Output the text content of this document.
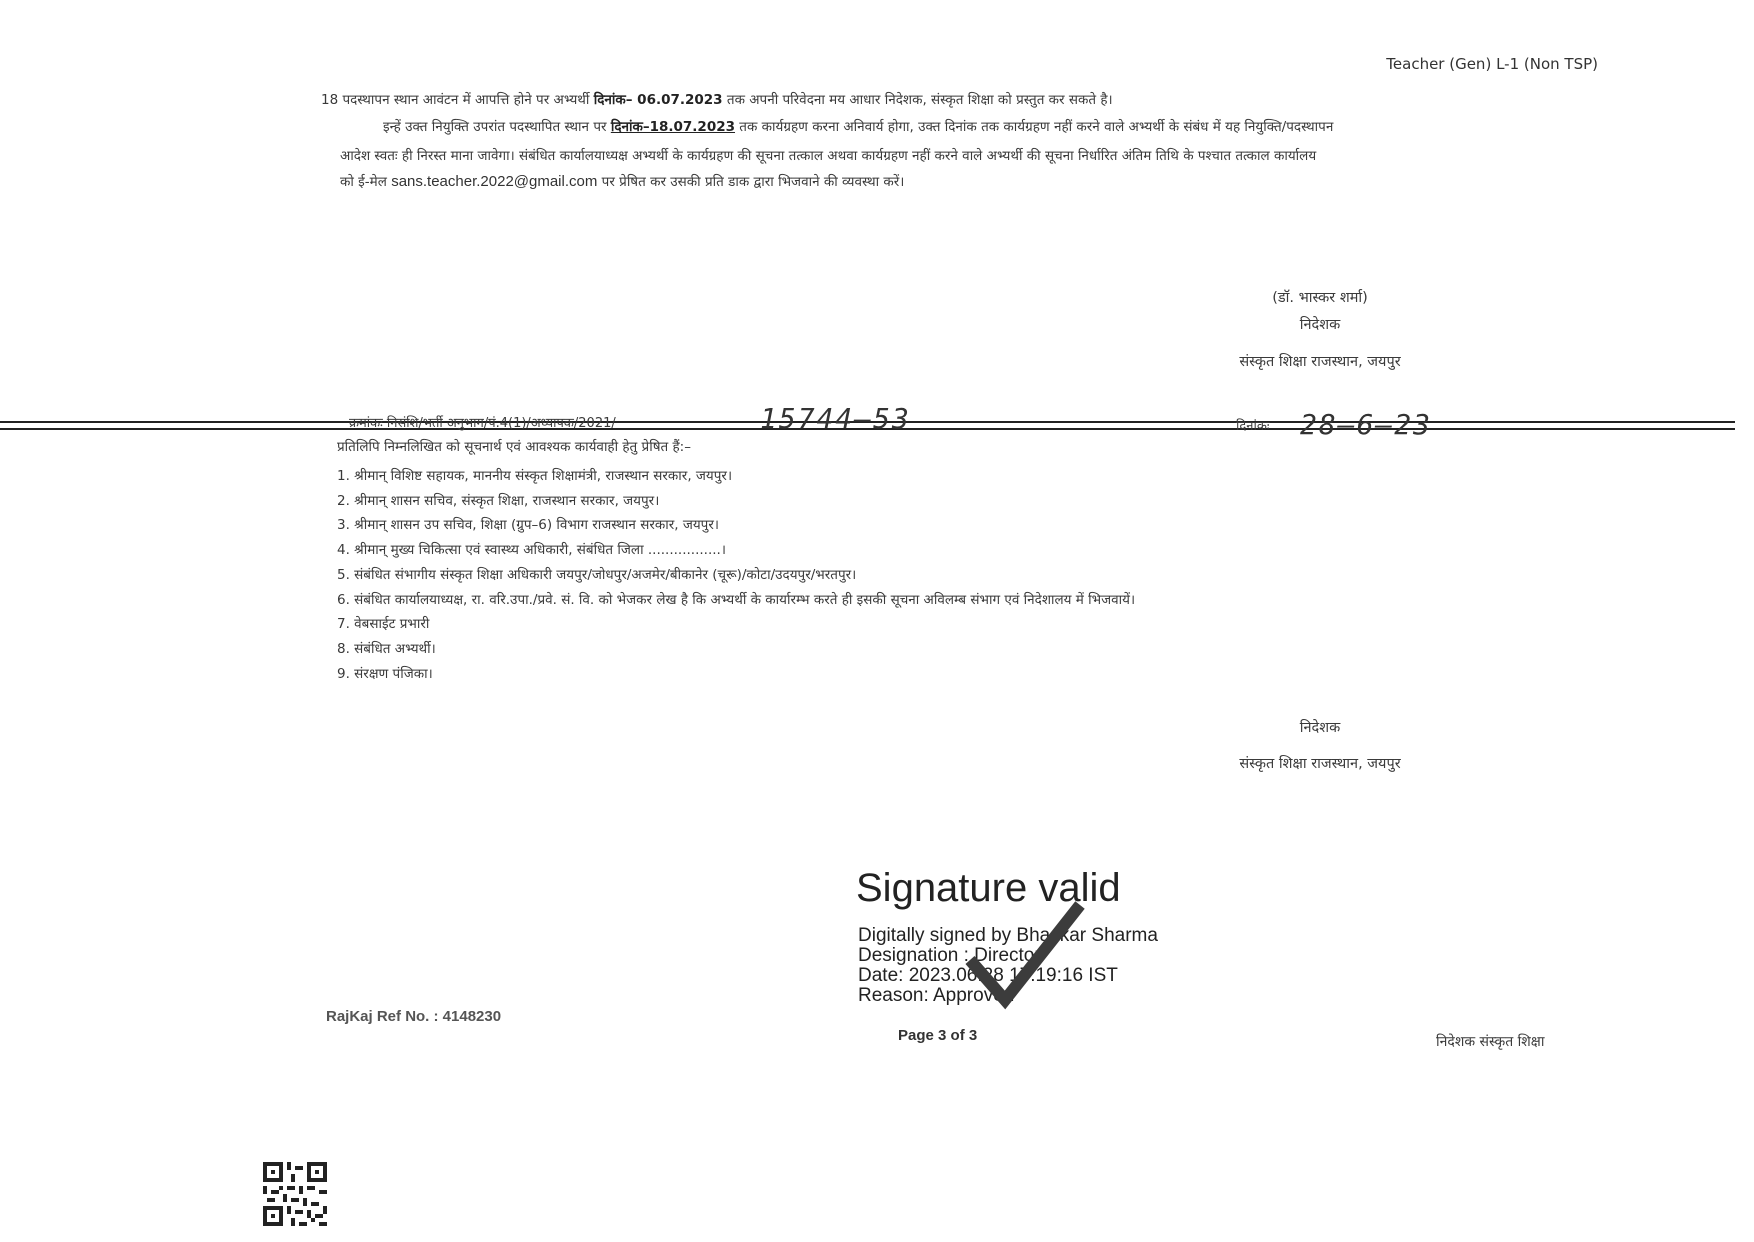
Teacher (Gen) L-1 (Non TSP)
18 पदस्थापन स्थान आवंटन में आपत्ति होने पर अभ्यर्थी दिनांक– 06.07.2023 तक अपनी परिवेदना मय आधार निदेशक, संस्कृत शिक्षा को प्रस्तुत कर सकते है।
इन्हें उक्त नियुक्ति उपरांत पदस्थापित स्थान पर दिनांक–18.07.2023 तक कार्यग्रहण करना अनिवार्य होगा, उक्त दिनांक तक कार्यग्रहण नहीं करने वाले अभ्यर्थी के संबंध में यह नियुक्ति/पदस्थापन
आदेश स्वतः ही निरस्त माना जावेगा। संबंधित कार्यालयाध्यक्ष अभ्यर्थी के कार्यग्रहण की सूचना तत्काल अथवा कार्यग्रहण नहीं करने वाले अभ्यर्थी की सूचना निर्धारित अंतिम तिथि के पश्चात तत्काल कार्यालय
को ई-मेल sans.teacher.2022@gmail.com पर प्रेषित कर उसकी प्रति डाक द्वारा भिजवाने की व्यवस्था करें।
(डॉ. भास्कर शर्मा)
निदेशक
संस्कृत शिक्षा राजस्थान, जयपुर
क्रमांकः निसंशि/भर्ती अनुभाग/पं.4(1)/अध्यापक/2021/	15744–53	दिनांकः 28–6–23
प्रतिलिपि निम्नलिखित को सूचनार्थ एवं आवश्यक कार्यवाही हेतु प्रेषित हैं:–
1. श्रीमान् विशिष्ट सहायक, माननीय संस्कृत शिक्षामंत्री, राजस्थान सरकार, जयपुर।
2. श्रीमान् शासन सचिव, संस्कृत शिक्षा, राजस्थान सरकार, जयपुर।
3. श्रीमान् शासन उप सचिव, शिक्षा (ग्रुप–6) विभाग राजस्थान सरकार, जयपुर।
4. श्रीमान् मुख्य चिकित्सा एवं स्वास्थ्य अधिकारी, संबंधित जिला .................।
5. संबंधित संभागीय संस्कृत शिक्षा अधिकारी जयपुर/जोधपुर/अजमेर/बीकानेर (चूरू)/कोटा/उदयपुर/भरतपुर।
6. संबंधित कार्यालयाध्यक्ष, रा. वरि.उपा./प्रवे. सं. वि. को भेजकर लेख है कि अभ्यर्थी के कार्यारम्भ करते ही इसकी सूचना अविलम्ब संभाग एवं निदेशालय में भिजवायें।
7. वेबसाईट प्रभारी
8. संबंधित अभ्यर्थी।
9. संरक्षण पंजिका।
निदेशक
संस्कृत शिक्षा राजस्थान, जयपुर
Signature valid
Digitally signed by Bhaskar Sharma
Designation : Director
Date: 2023.06.28 17:19:16 IST
Reason: Approved
RajKaj Ref No. : 4148230
Page 3 of 3	निदेशक संस्कृत शिक्षा
